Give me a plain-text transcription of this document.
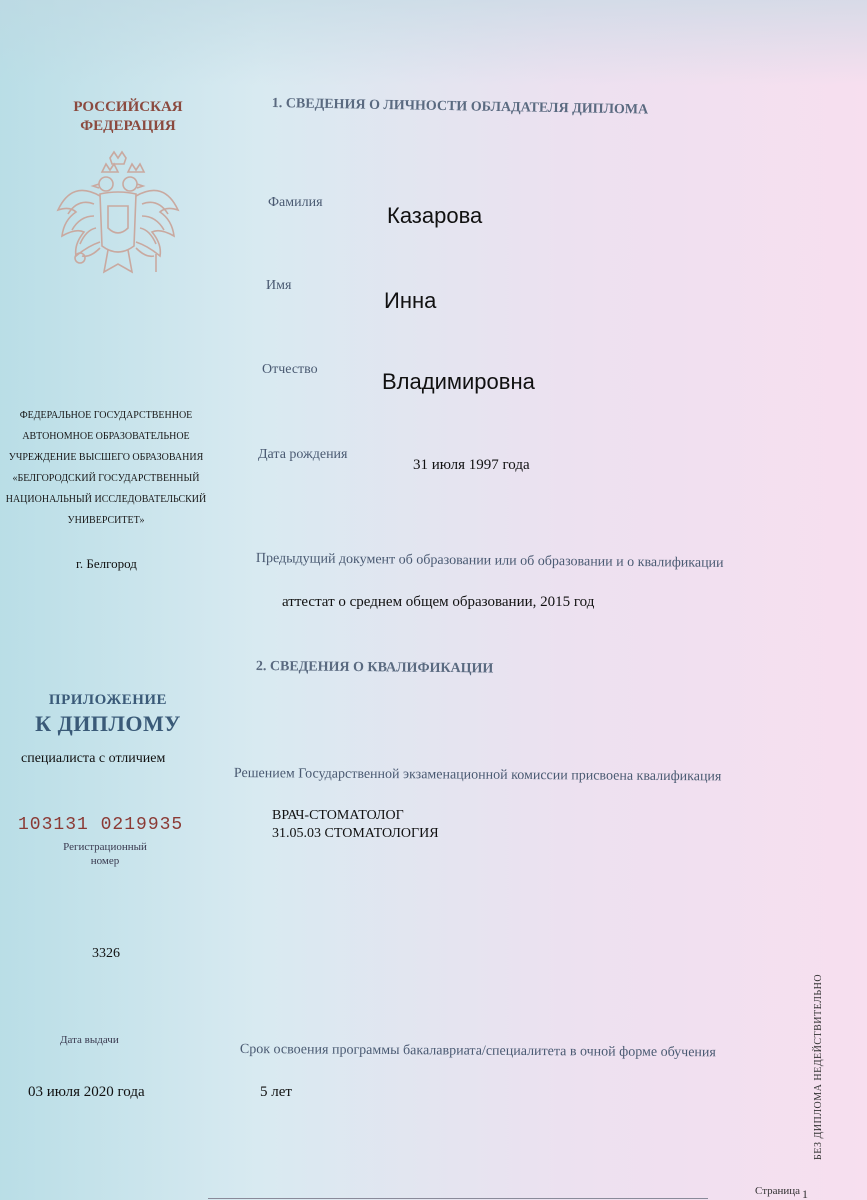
РОССИЙСКАЯ
ФЕДЕРАЦИЯ
ФЕДЕРАЛЬНОЕ ГОСУДАРСТВЕННОЕ
АВТОНОМНОЕ ОБРАЗОВАТЕЛЬНОЕ
УЧРЕЖДЕНИЕ ВЫСШЕГО ОБРАЗОВАНИЯ
«БЕЛГОРОДСКИЙ ГОСУДАРСТВЕННЫЙ
НАЦИОНАЛЬНЫЙ ИССЛЕДОВАТЕЛЬСКИЙ
УНИВЕРСИТЕТ»
г. Белгород
ПРИЛОЖЕНИЕ
К ДИПЛОМУ
специалиста с отличием
103131 0219935
Регистрационный
номер
3326
Дата выдачи
03 июля 2020 года
1. СВЕДЕНИЯ О ЛИЧНОСТИ ОБЛАДАТЕЛЯ ДИПЛОМА
Фамилия
Казарова
Имя
Инна
Отчество	Владимировна
Дата рождения
31 июля 1997 года
Предыдущий документ об образовании или об образовании и о квалификации
аттестат о среднем общем образовании, 2015 год
2. СВЕДЕНИЯ О КВАЛИФИКАЦИИ
Решением Государственной экзаменационной комиссии присвоена квалификация
ВРАЧ-СТОМАТОЛОГ
31.05.03 СТОМАТОЛОГИЯ
Срок освоения программы бакалавриата/специалитета в очной форме обучения
5 лет	БЕЗ ДИПЛОМА НЕДЕЙСТВИТЕЛЬНО
Страница 1
